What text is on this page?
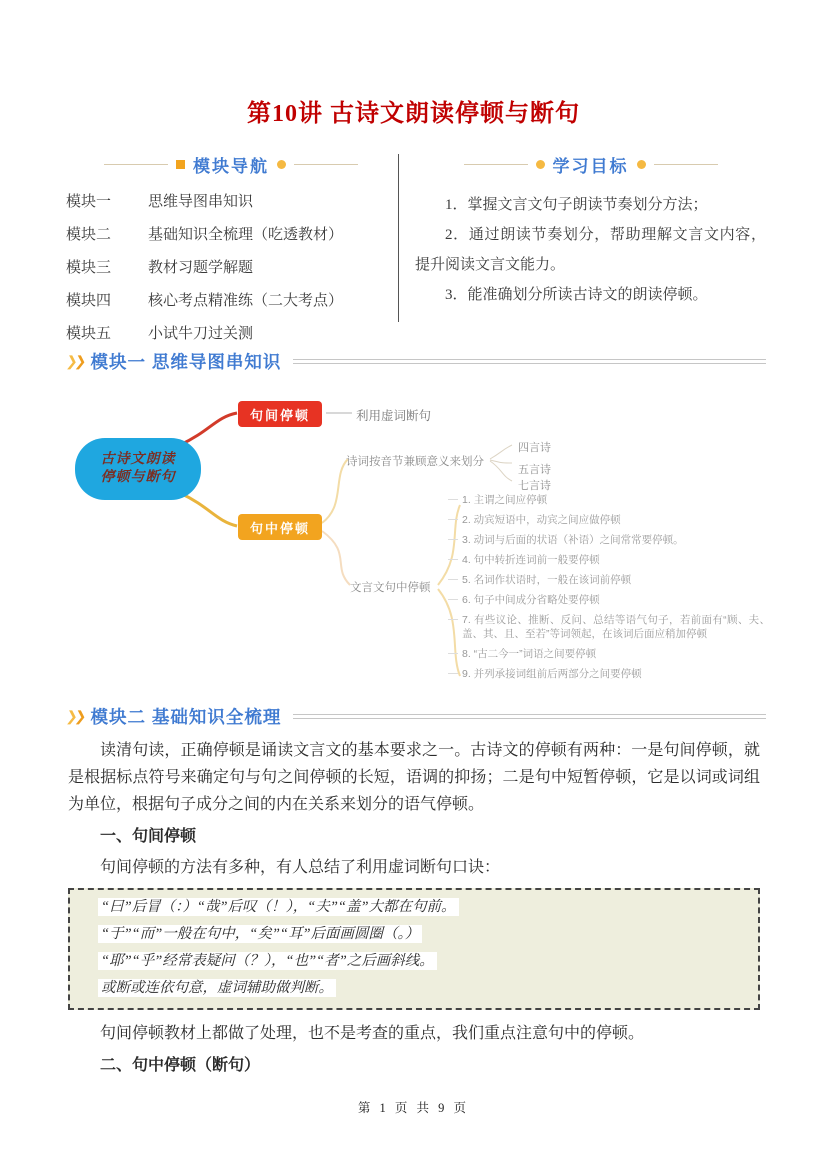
第10讲 古诗文朗读停顿与断句
模块导航
模块一	思维导图串知识
模块二	基础知识全梳理（吃透教材）
模块三	教材习题学解题
模块四	核心考点精准练（二大考点）
模块五	小试牛刀过关测
学习目标

1．掌握文言文句子朗读节奏划分方法；

2．通过朗读节奏划分，帮助理解文言文内容，提升阅读文言文能力。

3．能准确划分所读古诗文的朗读停顿。

❯❯ 模块一 思维导图串知识
古诗文朗读
停顿与断句
句间停顿	利用虚词断句
句中停顿
诗词按音节兼顾意义来划分
四言诗
五言诗
七言诗
文言文句中停顿
1. 主谓之间应停顿
2. 动宾短语中，动宾之间应做停顿
3. 动词与后面的状语（补语）之间常常要停顿。
4. 句中转折连词前一般要停顿
5. 名词作状语时，一般在该词前停顿
6. 句子中间成分省略处要停顿
7. 有些议论、推断、反问、总结等语气句子，若前面有“顾、夫、盖、其、且、至若”等词领起，在该词后面应稍加停顿
8. “古二今一”词语之间要停顿
9. 并列承接词组前后两部分之间要停顿
❯❯ 模块二 基础知识全梳理

读清句读，正确停顿是诵读文言文的基本要求之一。古诗文的停顿有两种：一是句间停顿，就是根据标点符号来确定句与句之间停顿的长短，语调的抑扬；二是句中短暂停顿，它是以词或词组为单位，根据句子成分之间的内在关系来划分的语气停顿。

一、句间停顿

句间停顿的方法有多种，有人总结了利用虚词断句口诀：

“曰”后冒（：）“哉”后叹（！），“夫”“盖”大都在句前。
“于”“而”一般在句中，“矣”“耳”后面画圆圈（。）
“耶”“乎”经常表疑问（？），“也”“者”之后画斜线。
或断或连依句意，虚词辅助做判断。

句间停顿教材上都做了处理，也不是考查的重点，我们重点注意句中的停顿。

二、句中停顿（断句）

第 1 页 共 9 页
